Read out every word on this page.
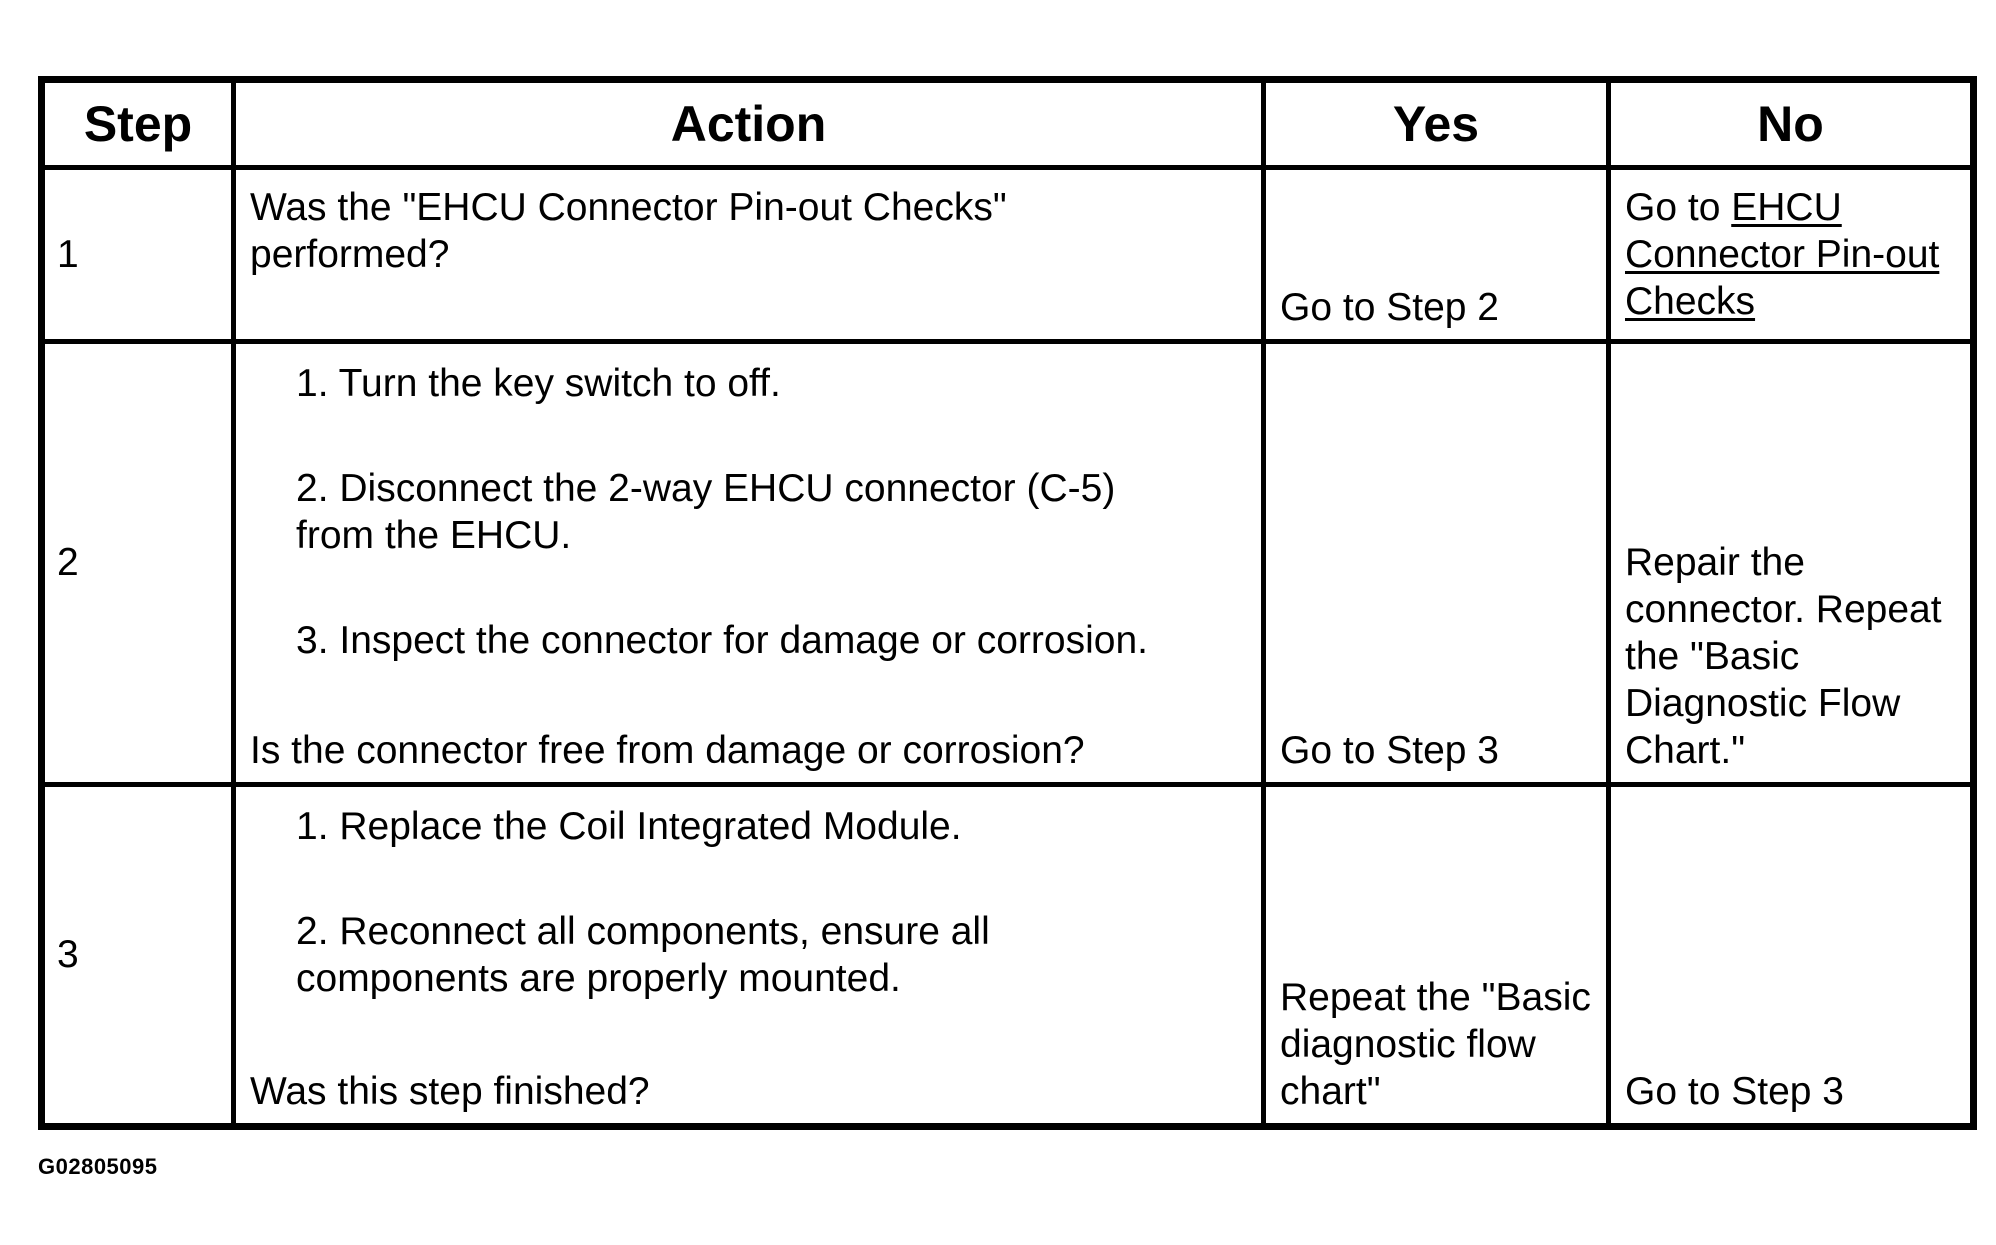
Step	Action	Yes	No
1	Was the "EHCU Connector Pin-out Checks" performed?	Go to Step 2	Go to EHCU Connector Pin-out Checks

2	1. Turn the key switch to off.
2. Disconnect the 2-way EHCU connector (C-5) from the EHCU.
3. Inspect the connector for damage or corrosion.
Is the connector free from damage or corrosion?	Go to Step 3	Repair the connector. Repeat the "Basic Diagnostic Flow Chart."

3	1. Replace the Coil Integrated Module.
2. Reconnect all components, ensure all components are properly mounted.
Was this step finished?	Repeat the "Basic diagnostic flow chart"	Go to Step 3
G02805095
